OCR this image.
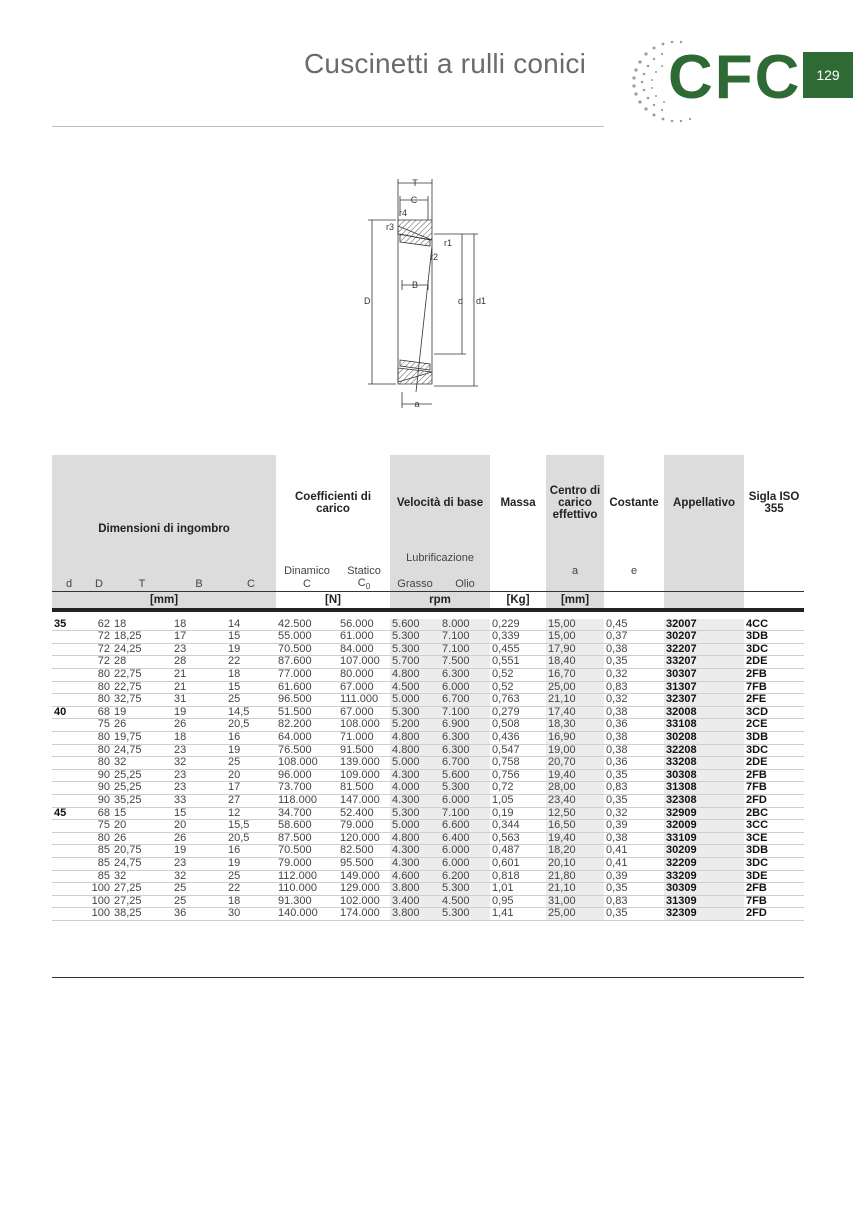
Cuscinetti a rulli conici CFC	129
T
C
r4
r3
r1
r2
B
D	d d1
a
Dimensioni di ingombro					Coefficienti di carico		Velocità di base		Massa	Centro di carico effettivo	Costante	Appellativo	Sigla ISO 355
							Lubrificazione						
					Dinamico	Statico				a	e		
d	D	T	B	C	C	$C_0$	Grasso	Olio					
[mm]					[N]		rpm		[Kg]	[mm]			

35	62	18	18	14	42.500	56.000	5.600	8.000	0,229	15,00	0,45	32007	4CC
	72	18,25	17	15	55.000	61.000	5.300	7.100	0,339	15,00	0,37	30207	3DB
	72	24,25	23	19	70.500	84.000	5.300	7.100	0,455	17,90	0,38	32207	3DC
	72	28	28	22	87.600	107.000	5.700	7.500	0,551	18,40	0,35	33207	2DE
	80	22,75	21	18	77.000	80.000	4.800	6.300	0,52	16,70	0,32	30307	2FB
	80	22,75	21	15	61.600	67.000	4.500	6.000	0,52	25,00	0,83	31307	7FB
	80	32,75	31	25	96.500	111.000	5.000	6.700	0,763	21,10	0,32	32307	2FE
40	68	19	19	14,5	51.500	67.000	5.300	7.100	0,279	17,40	0,38	32008	3CD
	75	26	26	20,5	82.200	108.000	5.200	6.900	0,508	18,30	0,36	33108	2CE
	80	19,75	18	16	64.000	71.000	4.800	6.300	0,436	16,90	0,38	30208	3DB
	80	24,75	23	19	76.500	91.500	4.800	6.300	0,547	19,00	0,38	32208	3DC
	80	32	32	25	108.000	139.000	5.000	6.700	0,758	20,70	0,36	33208	2DE
	90	25,25	23	20	96.000	109.000	4.300	5.600	0,756	19,40	0,35	30308	2FB
	90	25,25	23	17	73.700	81.500	4.000	5.300	0,72	28,00	0,83	31308	7FB
	90	35,25	33	27	118.000	147.000	4.300	6.000	1,05	23,40	0,35	32308	2FD
45	68	15	15	12	34.700	52.400	5.300	7.100	0,19	12,50	0,32	32909	2BC
	75	20	20	15,5	58.600	79.000	5.000	6.600	0,344	16,50	0,39	32009	3CC
	80	26	26	20,5	87.500	120.000	4.800	6.400	0,563	19,40	0,38	33109	3CE
	85	20,75	19	16	70.500	82.500	4.300	6.000	0,487	18,20	0,41	30209	3DB
	85	24,75	23	19	79.000	95.500	4.300	6.000	0,601	20,10	0,41	32209	3DC
	85	32	32	25	112.000	149.000	4.600	6.200	0,818	21,80	0,39	33209	3DE
	100	27,25	25	22	110.000	129.000	3.800	5.300	1,01	21,10	0,35	30309	2FB
	100	27,25	25	18	91.300	102.000	3.400	4.500	0,95	31,00	0,83	31309	7FB
	100	38,25	36	30	140.000	174.000	3.800	5.300	1,41	25,00	0,35	32309	2FD
